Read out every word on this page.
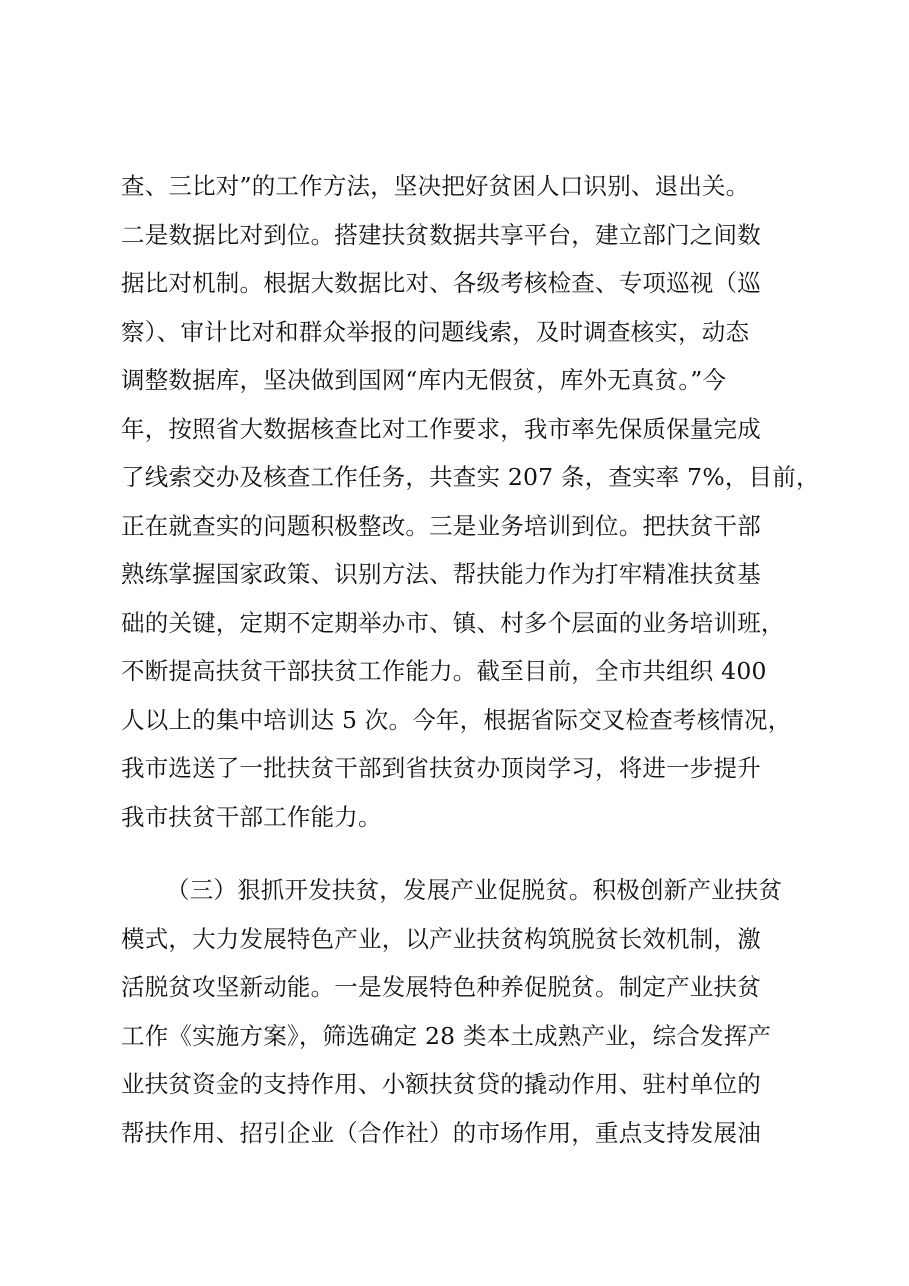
查、三比对”的工作方法，坚决把好贫困人口识别、退出关。
二是数据比对到位。搭建扶贫数据共享平台，建立部门之间数
据比对机制。根据大数据比对、各级考核检查、专项巡视（巡
察）、审计比对和群众举报的问题线索，及时调查核实，动态
调整数据库，坚决做到国网“库内无假贫，库外无真贫。”今
年，按照省大数据核查比对工作要求，我市率先保质保量完成
了线索交办及核查工作任务，共查实 207 条，查实率 7%，目前，
正在就查实的问题积极整改。三是业务培训到位。把扶贫干部
熟练掌握国家政策、识别方法、帮扶能力作为打牢精准扶贫基
础的关键，定期不定期举办市、镇、村多个层面的业务培训班，
不断提高扶贫干部扶贫工作能力。截至目前，全市共组织 400
人以上的集中培训达 5 次。今年，根据省际交叉检查考核情况，
我市选送了一批扶贫干部到省扶贫办顶岗学习，将进一步提升
我市扶贫干部工作能力。
（三）狠抓开发扶贫，发展产业促脱贫。积极创新产业扶贫
模式，大力发展特色产业，以产业扶贫构筑脱贫长效机制，激
活脱贫攻坚新动能。一是发展特色种养促脱贫。制定产业扶贫
工作《实施方案》，筛选确定 28 类本土成熟产业，综合发挥产
业扶贫资金的支持作用、小额扶贫贷的撬动作用、驻村单位的
帮扶作用、招引企业（合作社）的市场作用，重点支持发展油
